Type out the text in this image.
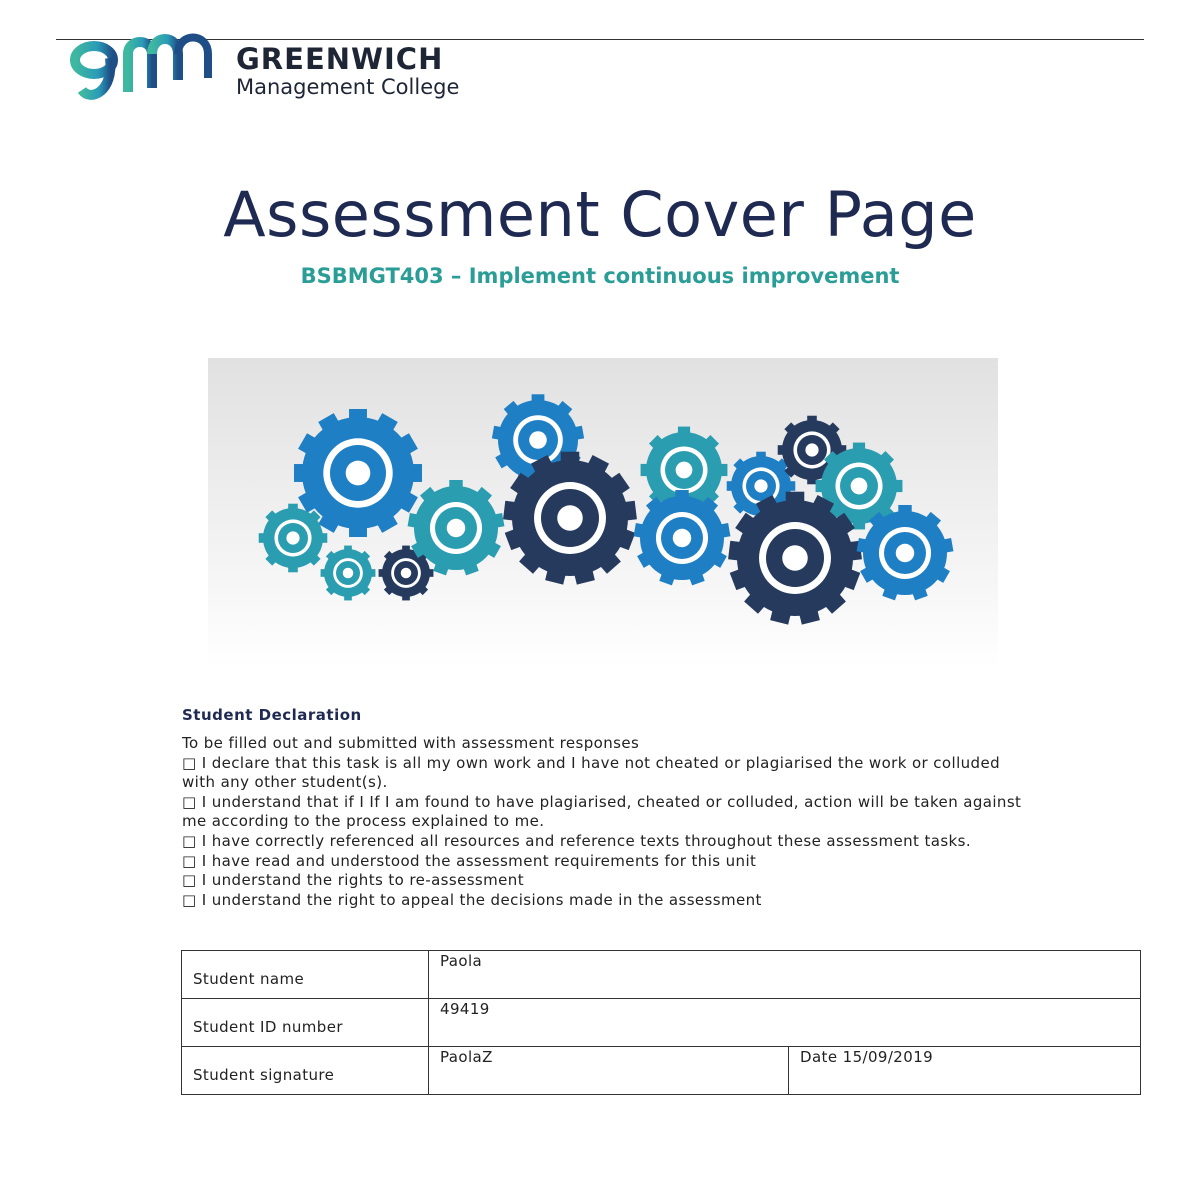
GREENWICH
Management College
Assessment Cover Page
BSBMGT403 – Implement continuous improvement
Student Declaration
To be filled out and submitted with assessment responses
□ I declare that this task is all my own work and I have not cheated or plagiarised the work or colluded with any other student(s).
□ I understand that if I If I am found to have plagiarised, cheated or colluded, action will be taken against me according to the process explained to me.
□ I have correctly referenced all resources and reference texts throughout these assessment tasks.
□ I have read and understood the assessment requirements for this unit
□ I understand the rights to re-assessment
□ I understand the right to appeal the decisions made in the assessment
Student name	Paola	
Student ID number	49419	
Student signature	PaolaZ	Date 15/09/2019
